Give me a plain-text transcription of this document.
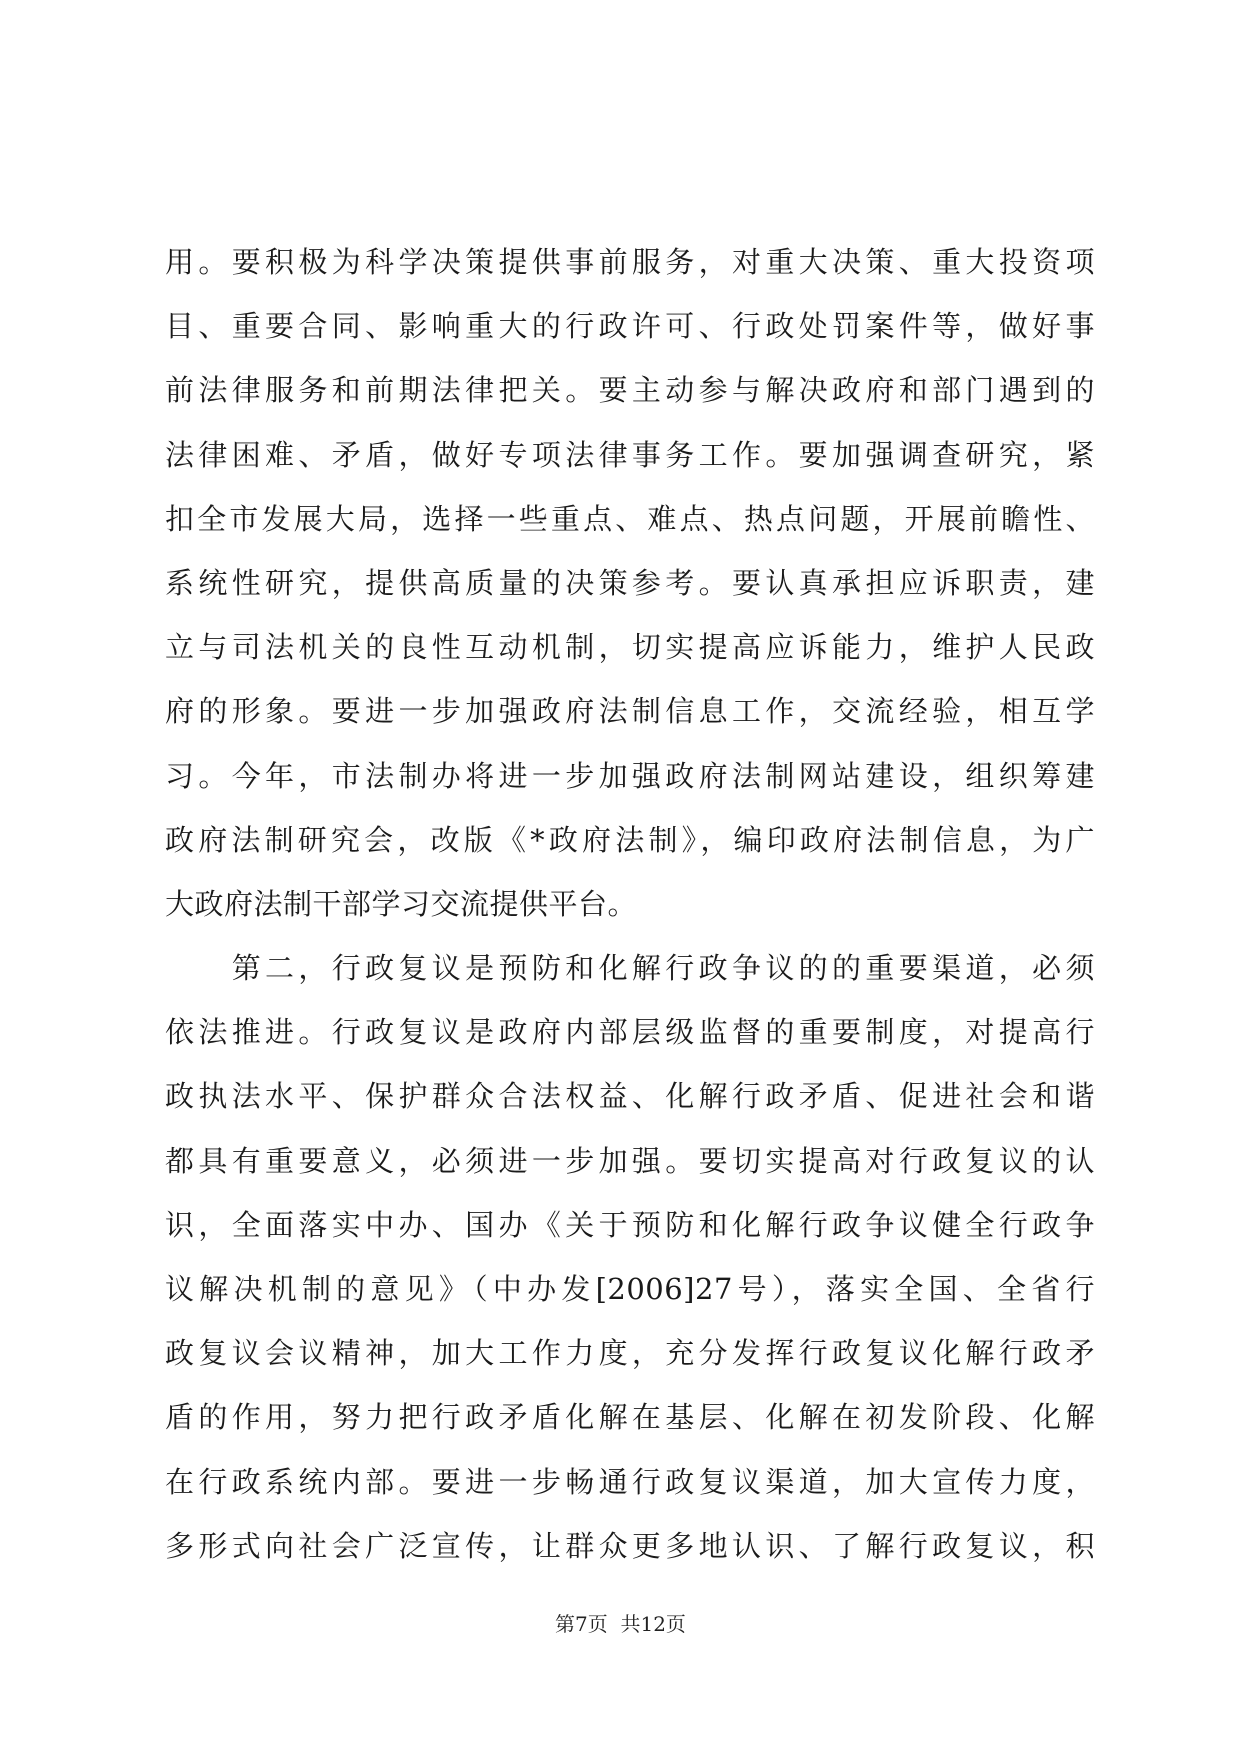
用。要积极为科学决策提供事前服务，对重大决策、重大投资项
目、重要合同、影响重大的行政许可、行政处罚案件等，做好事
前法律服务和前期法律把关。要主动参与解决政府和部门遇到的
法律困难、矛盾，做好专项法律事务工作。要加强调查研究，紧
扣全市发展大局，选择一些重点、难点、热点问题，开展前瞻性、
系统性研究，提供高质量的决策参考。要认真承担应诉职责，建
立与司法机关的良性互动机制，切实提高应诉能力，维护人民政
府的形象。要进一步加强政府法制信息工作，交流经验，相互学
习。今年，市法制办将进一步加强政府法制网站建设，组织筹建
政府法制研究会，改版《*政府法制》，编印政府法制信息，为广
大政府法制干部学习交流提供平台。
　　第二，行政复议是预防和化解行政争议的的重要渠道，必须
依法推进。行政复议是政府内部层级监督的重要制度，对提高行
政执法水平、保护群众合法权益、化解行政矛盾、促进社会和谐
都具有重要意义，必须进一步加强。要切实提高对行政复议的认
识，全面落实中办、国办《关于预防和化解行政争议健全行政争
议解决机制的意见》（中办发[2006]27号），落实全国、全省行
政复议会议精神，加大工作力度，充分发挥行政复议化解行政矛
盾的作用，努力把行政矛盾化解在基层、化解在初发阶段、化解
在行政系统内部。要进一步畅通行政复议渠道，加大宣传力度，
多形式向社会广泛宣传，让群众更多地认识、了解行政复议，积
第7页  共12页
